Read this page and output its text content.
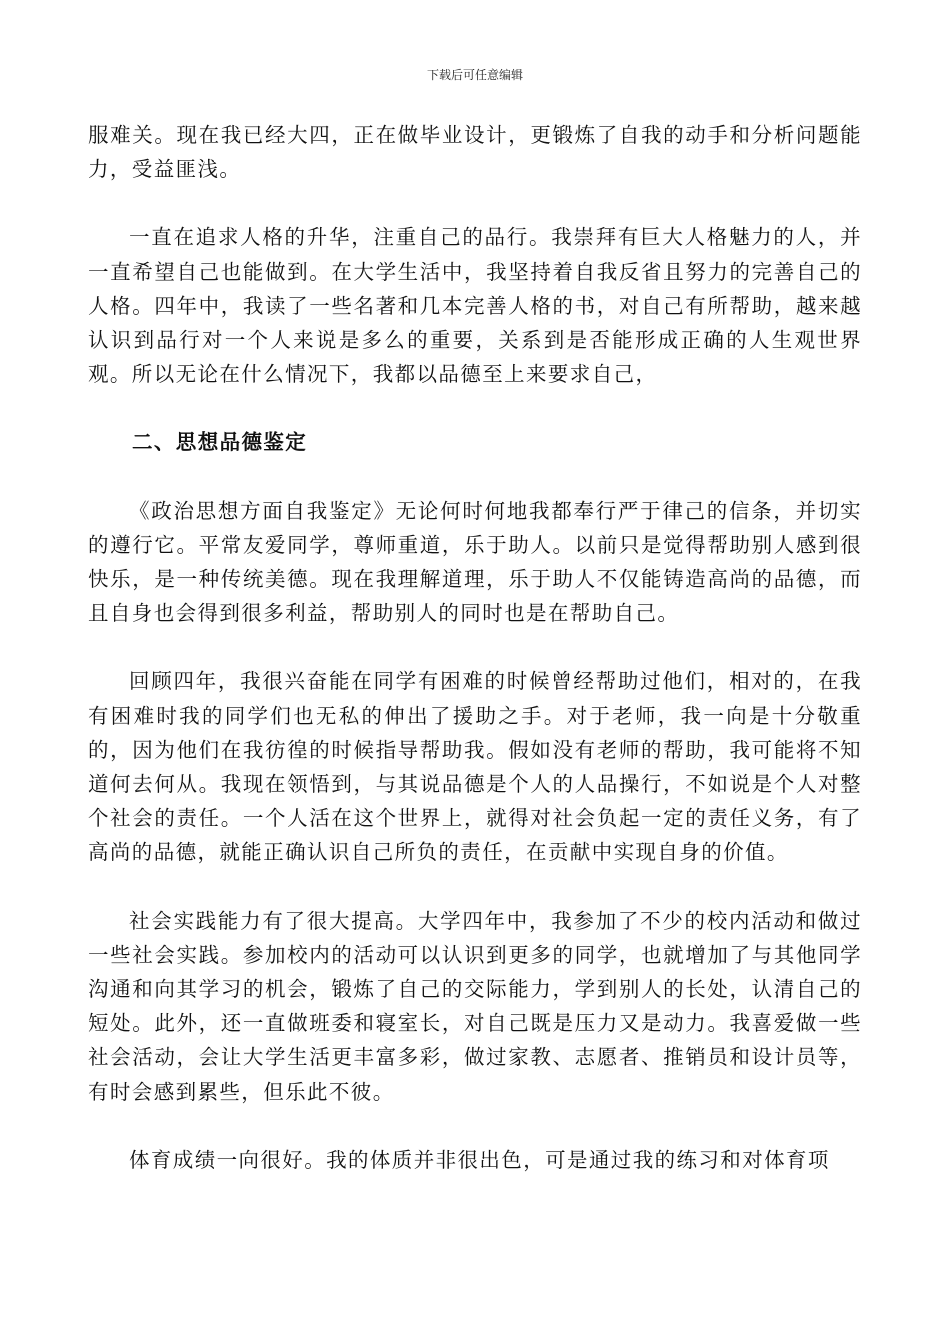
下载后可任意编辑

服难关。现在我已经大四，正在做毕业设计，更锻炼了自我的动手和分析问题能力，受益匪浅。

一直在追求人格的升华，注重自己的品行。我崇拜有巨大人格魅力的人，并一直希望自己也能做到。在大学生活中，我坚持着自我反省且努力的完善自己的人格。四年中，我读了一些名著和几本完善人格的书，对自己有所帮助，越来越认识到品行对一个人来说是多么的重要，关系到是否能形成正确的人生观世界观。所以无论在什么情况下，我都以品德至上来要求自己，

二、思想品德鉴定

《政治思想方面自我鉴定》无论何时何地我都奉行严于律己的信条，并切实的遵行它。平常友爱同学，尊师重道，乐于助人。以前只是觉得帮助别人感到很快乐，是一种传统美德。现在我理解道理，乐于助人不仅能铸造高尚的品德，而且自身也会得到很多利益，帮助别人的同时也是在帮助自己。

回顾四年，我很兴奋能在同学有困难的时候曾经帮助过他们，相对的，在我有困难时我的同学们也无私的伸出了援助之手。对于老师，我一向是十分敬重的，因为他们在我彷徨的时候指导帮助我。假如没有老师的帮助，我可能将不知道何去何从。我现在领悟到，与其说品德是个人的人品操行，不如说是个人对整个社会的责任。一个人活在这个世界上，就得对社会负起一定的责任义务，有了高尚的品德，就能正确认识自己所负的责任，在贡献中实现自身的价值。

社会实践能力有了很大提高。大学四年中，我参加了不少的校内活动和做过一些社会实践。参加校内的活动可以认识到更多的同学，也就增加了与其他同学沟通和向其学习的机会，锻炼了自己的交际能力，学到别人的长处，认清自己的短处。此外，还一直做班委和寝室长，对自己既是压力又是动力。我喜爱做一些社会活动，会让大学生活更丰富多彩，做过家教、志愿者、推销员和设计员等，有时会感到累些，但乐此不彼。

体育成绩一向很好。我的体质并非很出色，可是通过我的练习和对体育项
